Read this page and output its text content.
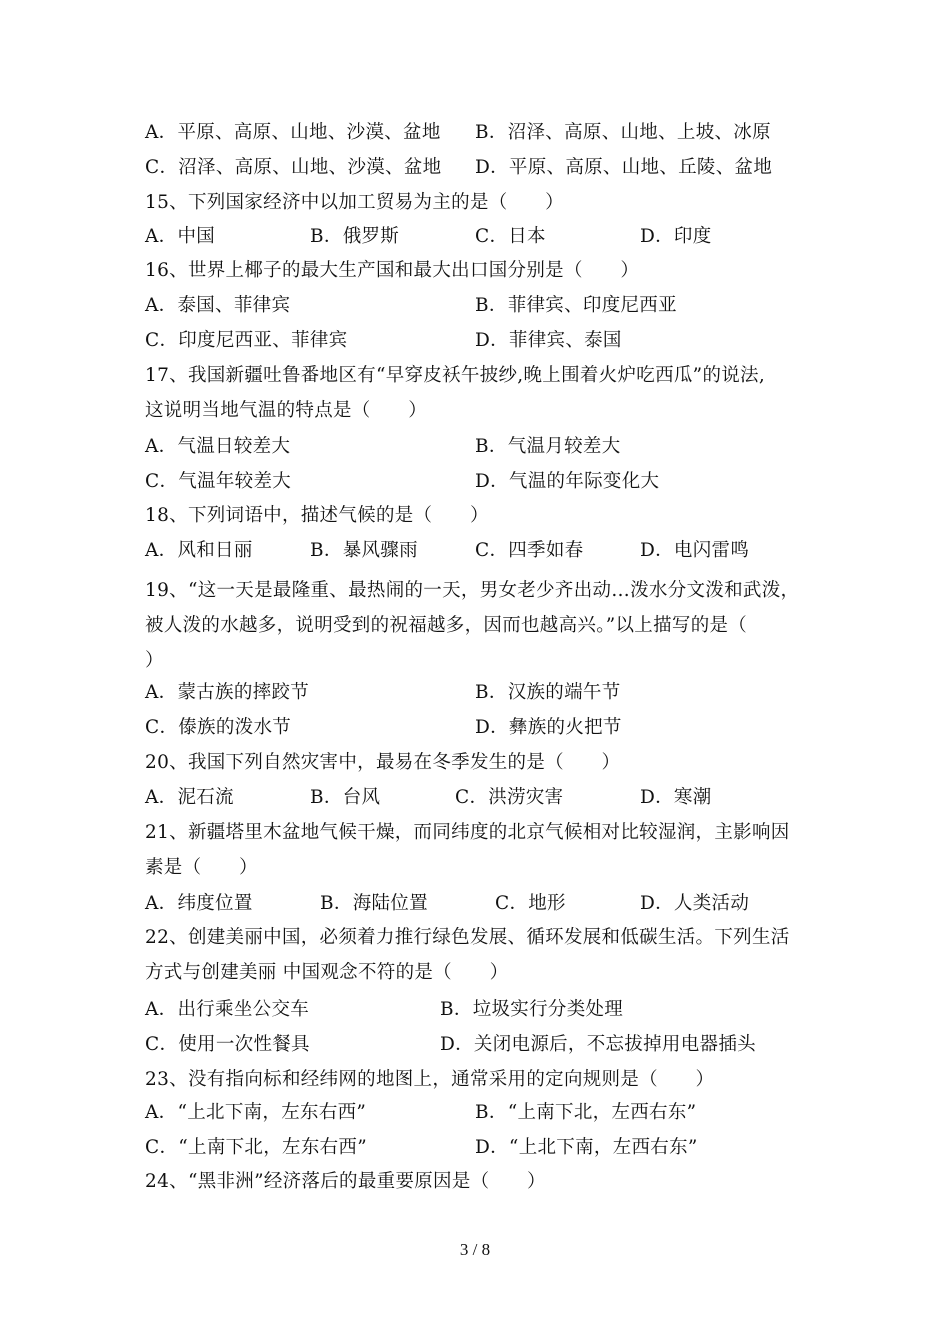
A．平原、高原、山地、沙漠、盆地 B．沼泽、高原、山地、上坡、冰原
C．沼泽、高原、山地、沙漠、盆地 D．平原、高原、山地、丘陵、盆地
15、下列国家经济中以加工贸易为主的是（　　）
A．中国	B．俄罗斯	C．日本	D．印度
16、世界上椰子的最大生产国和最大出口国分别是（　　）
A．泰国、菲律宾	B．菲律宾、印度尼西亚
C．印度尼西亚、菲律宾	D．菲律宾、泰国
17、我国新疆吐鲁番地区有“早穿皮袄午披纱,晚上围着火炉吃西瓜”的说法,
这说明当地气温的特点是（　　）
A．气温日较差大	B．气温月较差大
C．气温年较差大	D．气温的年际变化大
18、下列词语中，描述气候的是（　　）
A．风和日丽	B．暴风骤雨	C．四季如春	D．电闪雷鸣
19、“这一天是最隆重、最热闹的一天，男女老少齐出动…泼水分文泼和武泼，
被人泼的水越多，说明受到的祝福越多，因而也越高兴。”以上描写的是（
）
A．蒙古族的摔跤节	B．汉族的端午节
C．傣族的泼水节	D．彝族的火把节
20、我国下列自然灾害中，最易在冬季发生的是（　　）
A．泥石流	B．台风	C．洪涝灾害	D．寒潮
21、新疆塔里木盆地气候干燥，而同纬度的北京气候相对比较湿润，主影响因
素是（　　）
A．纬度位置	B．海陆位置	C．地形	D．人类活动
22、创建美丽中国，必须着力推行绿色发展、循环发展和低碳生活。下列生活
方式与创建美丽 中国观念不符的是（　　）
A．出行乘坐公交车	B．垃圾实行分类处理
C．使用一次性餐具	D．关闭电源后，不忘拔掉用电器插头
23、没有指向标和经纬网的地图上，通常采用的定向规则是（　　）
A．“上北下南，左东右西”	B．“上南下北，左西右东”
C．“上南下北，左东右西”	D．“上北下南，左西右东”
24、“黑非洲”经济落后的最重要原因是（　　）
3 / 8
